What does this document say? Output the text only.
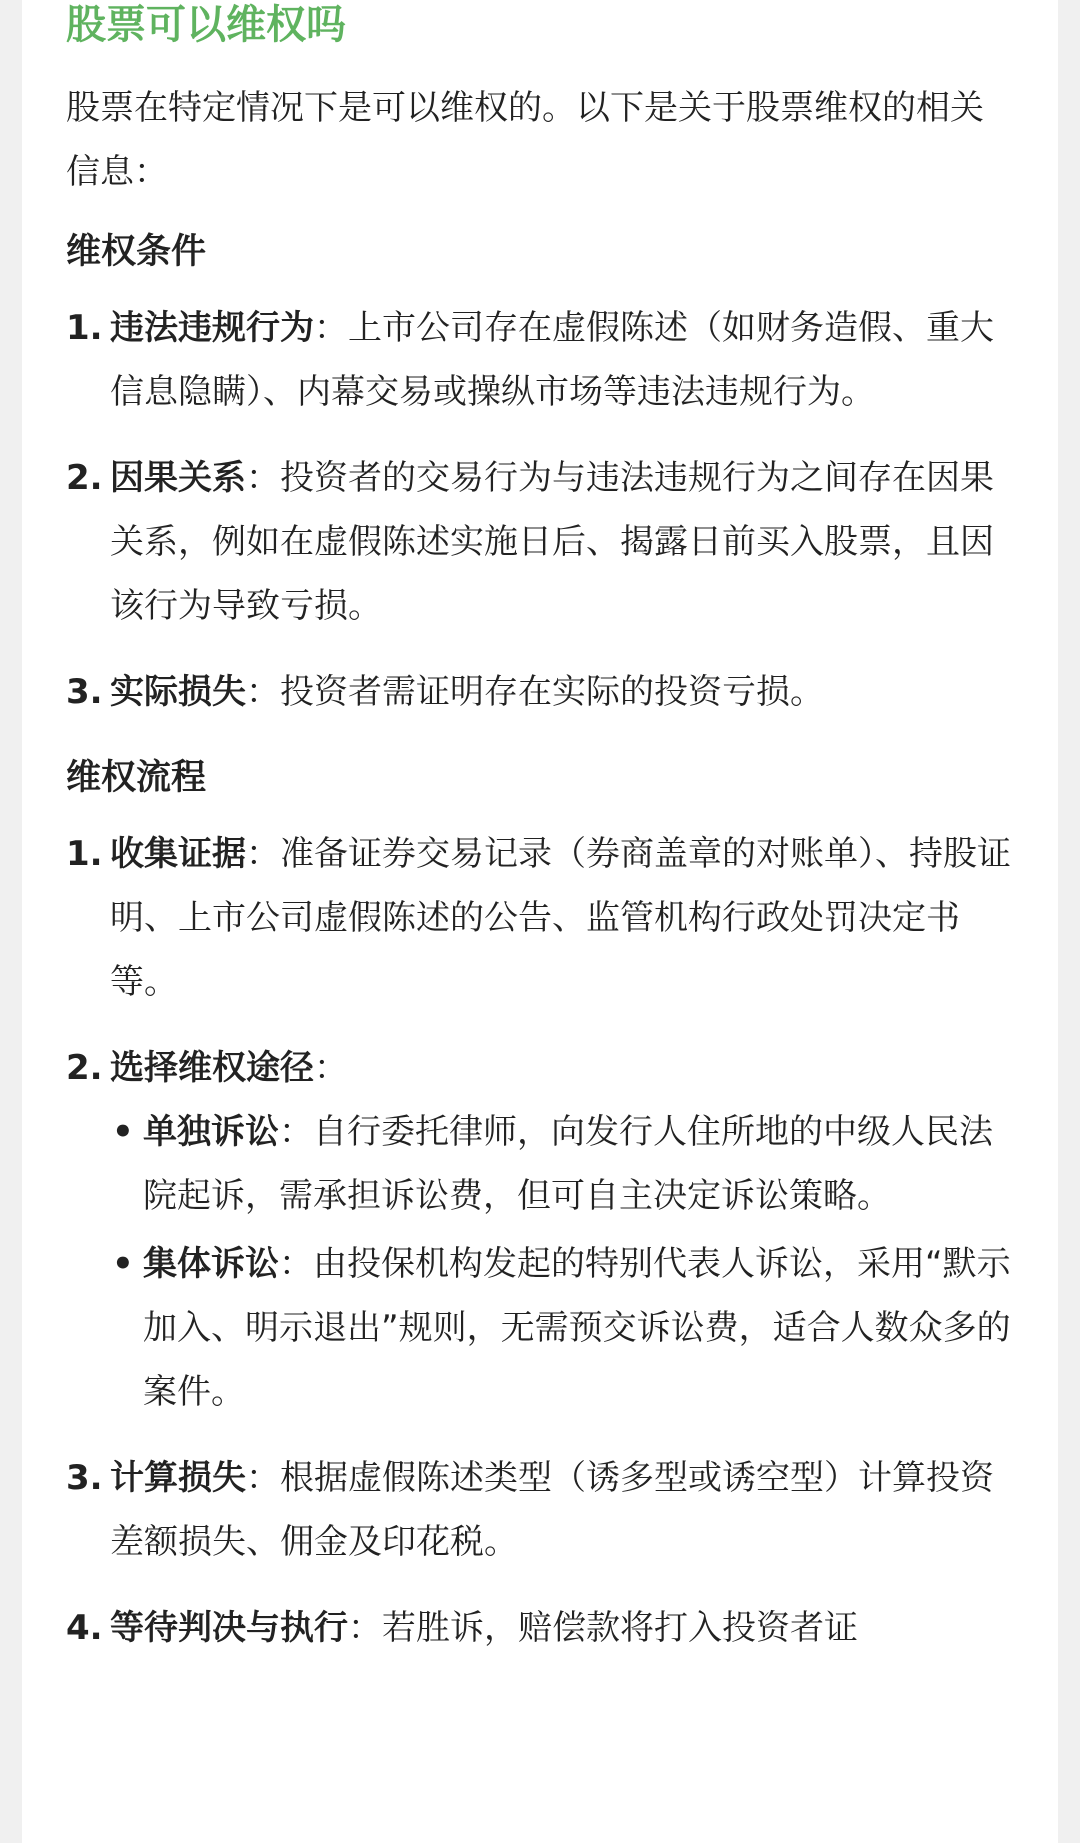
股票可以维权吗

股票在特定情况下是可以维权的。以下是关于股票维权的相关信息：

维权条件
1. 违法违规行为：上市公司存在虚假陈述（如财务造假、重大信息隐瞒）、内幕交易或操纵市场等违法违规行为。
2. 因果关系：投资者的交易行为与违法违规行为之间存在因果关系，例如在虚假陈述实施日后、揭露日前买入股票，且因该行为导致亏损。
3. 实际损失：投资者需证明存在实际的投资亏损。
维权流程
1. 收集证据：准备证券交易记录（券商盖章的对账单）、持股证明、上市公司虚假陈述的公告、监管机构行政处罚决定书等。
2. 选择维权途径：
• 单独诉讼：自行委托律师，向发行人住所地的中级人民法院起诉，需承担诉讼费，但可自主决定诉讼策略。
• 集体诉讼：由投保机构发起的特别代表人诉讼，采用“默示加入、明示退出”规则，无需预交诉讼费，适合人数众多的案件。
3. 计算损失：根据虚假陈述类型（诱多型或诱空型）计算投资差额损失、佣金及印花税。
4. 等待判决与执行：若胜诉，赔偿款将打入投资者证
